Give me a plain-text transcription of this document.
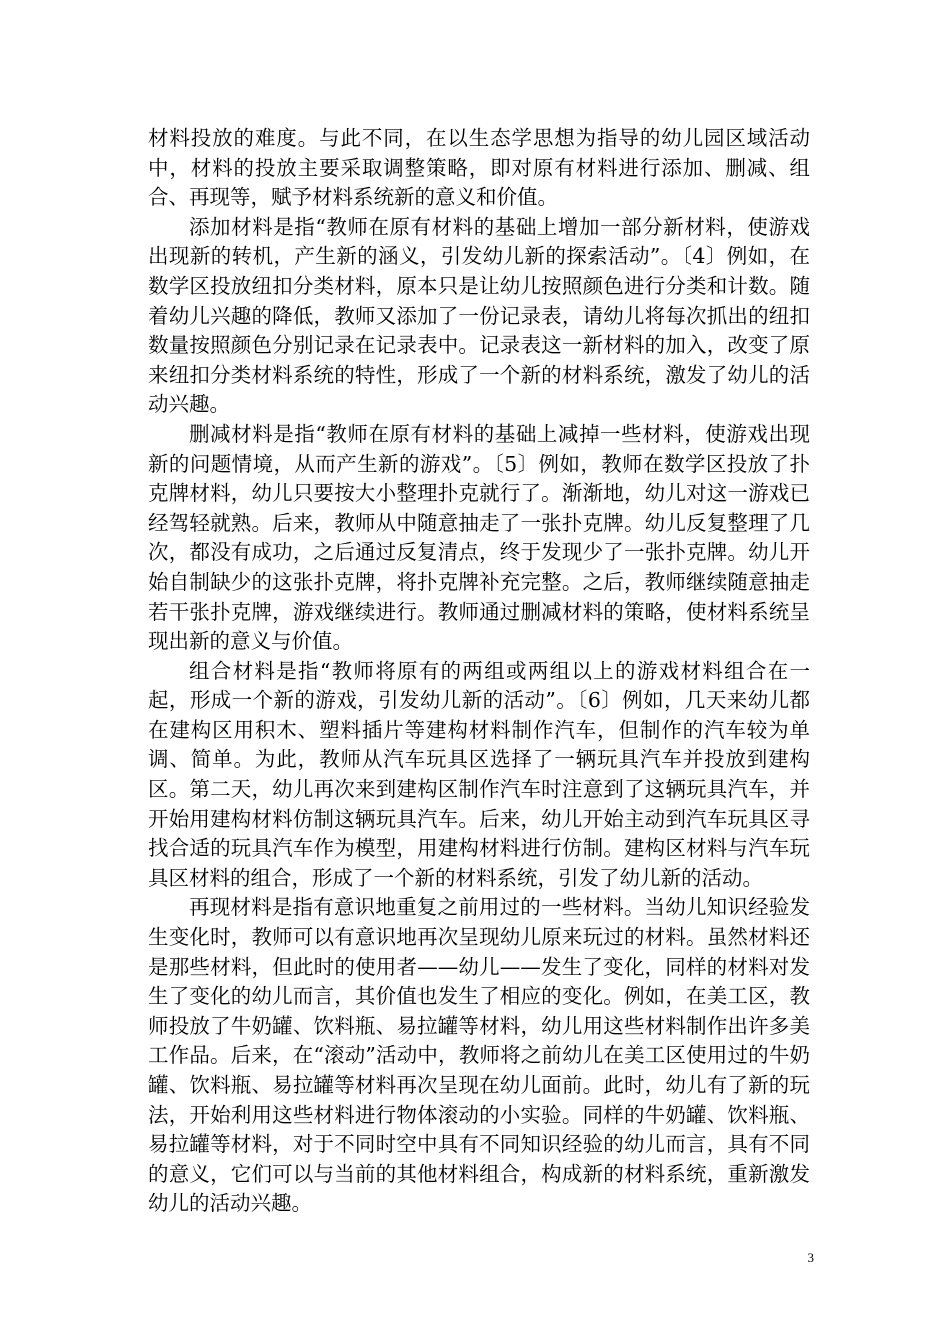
材料投放的难度。与此不同，在以生态学思想为指导的幼儿园区域活动中，材料的投放主要采取调整策略，即对原有材料进行添加、删减、组合、再现等，赋予材料系统新的意义和价值。

添加材料是指“教师在原有材料的基础上增加一部分新材料，使游戏出现新的转机，产生新的涵义，引发幼儿新的探索活动”。〔4〕例如，在数学区投放纽扣分类材料，原本只是让幼儿按照颜色进行分类和计数。随着幼儿兴趣的降低，教师又添加了一份记录表，请幼儿将每次抓出的纽扣数量按照颜色分别记录在记录表中。记录表这一新材料的加入，改变了原来纽扣分类材料系统的特性，形成了一个新的材料系统，激发了幼儿的活动兴趣。

删减材料是指“教师在原有材料的基础上减掉一些材料，使游戏出现新的问题情境，从而产生新的游戏”。〔5〕例如，教师在数学区投放了扑克牌材料，幼儿只要按大小整理扑克就行了。渐渐地，幼儿对这一游戏已经驾轻就熟。后来，教师从中随意抽走了一张扑克牌。幼儿反复整理了几次，都没有成功，之后通过反复清点，终于发现少了一张扑克牌。幼儿开始自制缺少的这张扑克牌，将扑克牌补充完整。之后，教师继续随意抽走若干张扑克牌，游戏继续进行。教师通过删减材料的策略，使材料系统呈现出新的意义与价值。

组合材料是指“教师将原有的两组或两组以上的游戏材料组合在一起，形成一个新的游戏，引发幼儿新的活动”。〔6〕例如，几天来幼儿都在建构区用积木、塑料插片等建构材料制作汽车，但制作的汽车较为单调、简单。为此，教师从汽车玩具区选择了一辆玩具汽车并投放到建构区。第二天，幼儿再次来到建构区制作汽车时注意到了这辆玩具汽车，并开始用建构材料仿制这辆玩具汽车。后来，幼儿开始主动到汽车玩具区寻找合适的玩具汽车作为模型，用建构材料进行仿制。建构区材料与汽车玩具区材料的组合，形成了一个新的材料系统，引发了幼儿新的活动。

再现材料是指有意识地重复之前用过的一些材料。当幼儿知识经验发生变化时，教师可以有意识地再次呈现幼儿原来玩过的材料。虽然材料还是那些材料，但此时的使用者——幼儿——发生了变化，同样的材料对发生了变化的幼儿而言，其价值也发生了相应的变化。例如，在美工区，教师投放了牛奶罐、饮料瓶、易拉罐等材料，幼儿用这些材料制作出许多美工作品。后来，在“滚动”活动中，教师将之前幼儿在美工区使用过的牛奶罐、饮料瓶、易拉罐等材料再次呈现在幼儿面前。此时，幼儿有了新的玩法，开始利用这些材料进行物体滚动的小实验。同样的牛奶罐、饮料瓶、易拉罐等材料，对于不同时空中具有不同知识经验的幼儿而言，具有不同的意义，它们可以与当前的其他材料组合，构成新的材料系统，重新激发幼儿的活动兴趣。

3
